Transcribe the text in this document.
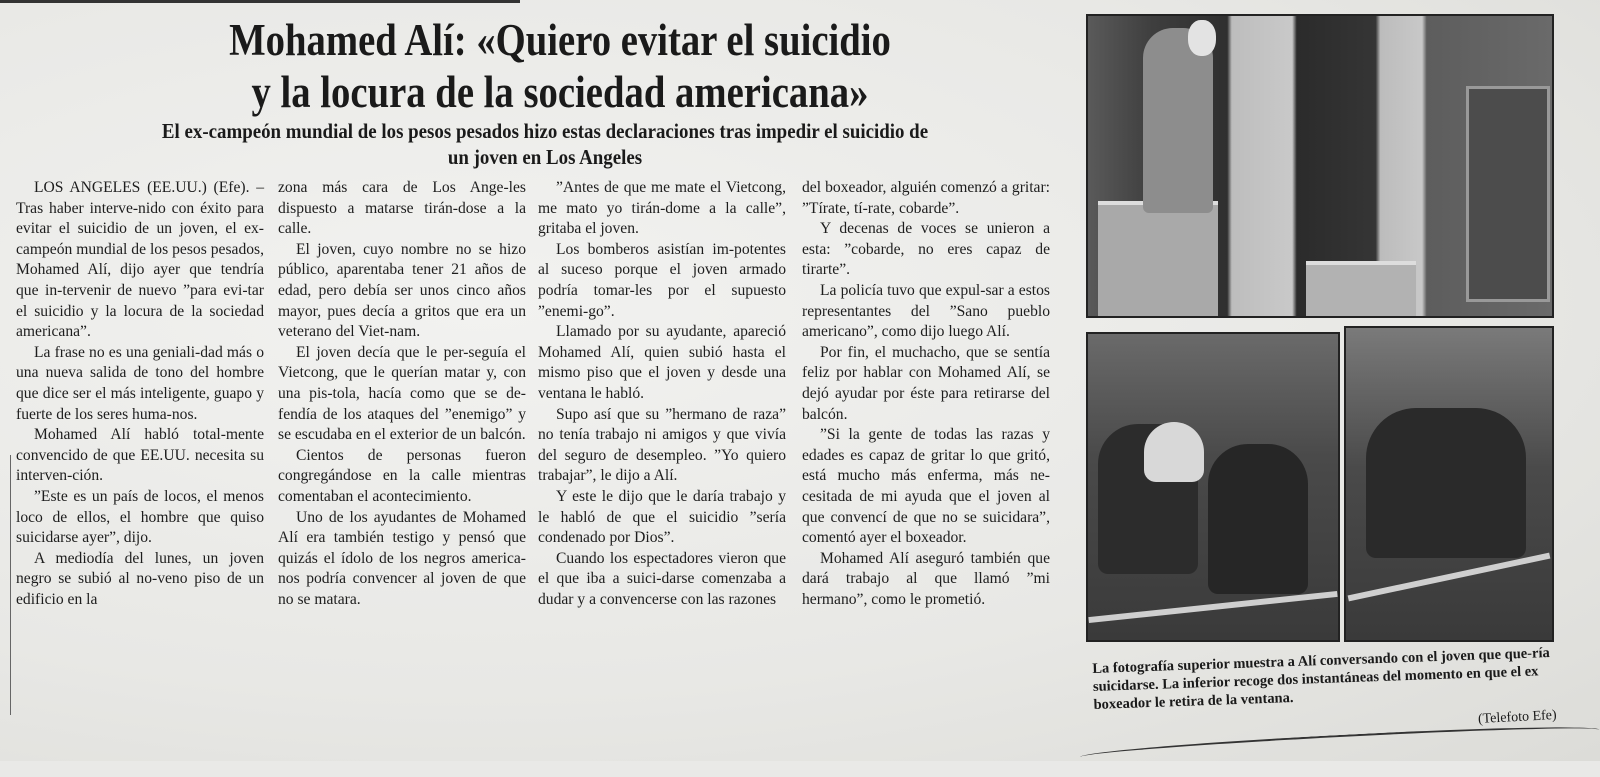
Mohamed Alí: «Quiero evitar el suicidio
y la locura de la sociedad americana»
El ex-campeón mundial de los pesos pesados hizo estas declaraciones tras impedir el suicidio de
un joven en Los Angeles

LOS ANGELES (EE.UU.) (Efe). – Tras haber interve-nido con éxito para evitar el suicidio de un joven, el ex-campeón mundial de los pesos pesados, Mohamed Alí, dijo ayer que tendría que in-tervenir de nuevo ”para evi-tar el suicidio y la locura de la sociedad americana”.

La frase no es una geniali-dad más o una nueva salida de tono del hombre que dice ser el más inteligente, guapo y fuerte de los seres huma-nos.

Mohamed Alí habló total-mente convencido de que EE.UU. necesita su interven-ción.

”Este es un país de locos, el menos loco de ellos, el hombre que quiso suicidarse ayer”, dijo.

A mediodía del lunes, un joven negro se subió al no-veno piso de un edificio en la

zona más cara de Los Ange-les dispuesto a matarse tirán-dose a la calle.

El joven, cuyo nombre no se hizo público, aparentaba tener 21 años de edad, pero debía ser unos cinco años mayor, pues decía a gritos que era un veterano del Viet-nam.

El joven decía que le per-seguía el Vietcong, que le querían matar y, con una pis-tola, hacía como que se de-fendía de los ataques del ”enemigo” y se escudaba en el exterior de un balcón.

Cientos de personas fueron congregándose en la calle mientras comentaban el acontecimiento.

Uno de los ayudantes de Mohamed Alí era también testigo y pensó que quizás el ídolo de los negros america-nos podría convencer al joven de que no se matara.

”Antes de que me mate el Vietcong, me mato yo tirán-dome a la calle”, gritaba el joven.

Los bomberos asistían im-potentes al suceso porque el joven armado podría tomar-les por el supuesto ”enemi-go”.

Llamado por su ayudante, apareció Mohamed Alí, quien subió hasta el mismo piso que el joven y desde una ventana le habló.

Supo así que su ”hermano de raza” no tenía trabajo ni amigos y que vivía del seguro de desempleo. ”Yo quiero trabajar”, le dijo a Alí.

Y este le dijo que le daría trabajo y le habló de que el suicidio ”sería condenado por Dios”.

Cuando los espectadores vieron que el que iba a suici-darse comenzaba a dudar y a convencerse con las razones

del boxeador, alguién comenzó a gritar: ”Tírate, tí-rate, cobarde”.

Y decenas de voces se unieron a esta: ”cobarde, no eres capaz de tirarte”.

La policía tuvo que expul-sar a estos representantes del ”Sano pueblo americano”, como dijo luego Alí.

Por fin, el muchacho, que se sentía feliz por hablar con Mohamed Alí, se dejó ayudar por éste para retirarse del balcón.

”Si la gente de todas las razas y edades es capaz de gritar lo que gritó, está mucho más enferma, más ne-cesitada de mi ayuda que el joven al que convencí de que no se suicidara”, comentó ayer el boxeador.

Mohamed Alí aseguró también que dará trabajo al que llamó ”mi hermano”, como le prometió.

La fotografía superior muestra a Alí conversando con el joven que que-ría suicidarse. La inferior recoge dos instantáneas del momento en que el ex boxeador le retira de la ventana.
(Telefoto Efe)
